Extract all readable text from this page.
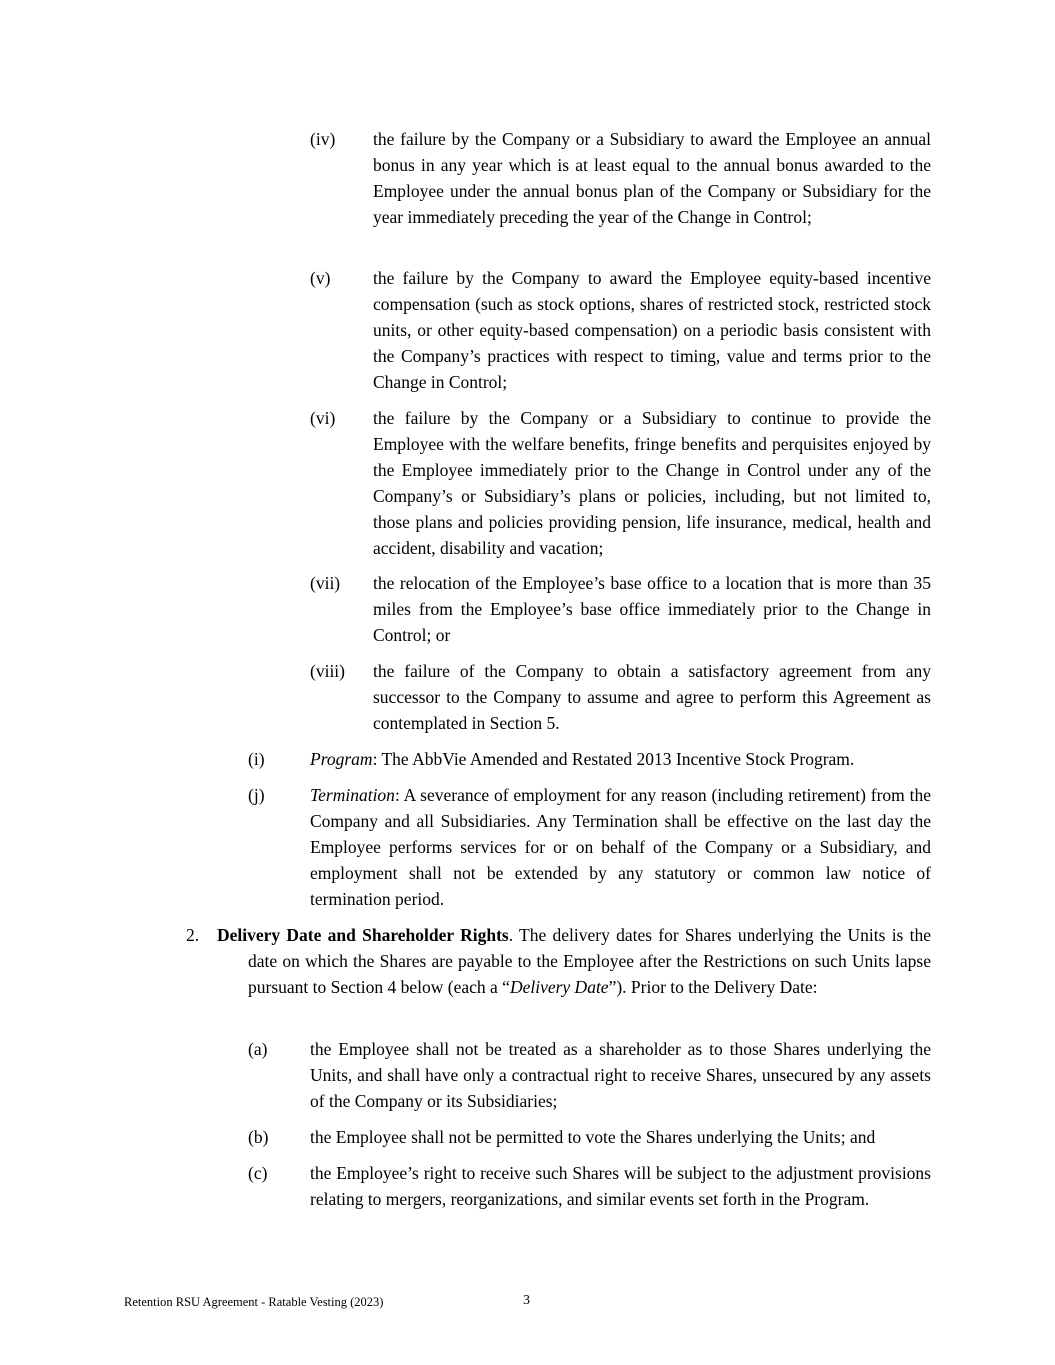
(iv) the failure by the Company or a Subsidiary to award the Employee an annual bonus in any year which is at least equal to the annual bonus awarded to the Employee under the annual bonus plan of the Company or Subsidiary for the year immediately preceding the year of the Change in Control;
(v) the failure by the Company to award the Employee equity-based incentive compensation (such as stock options, shares of restricted stock, restricted stock units, or other equity-based compensation) on a periodic basis consistent with the Company’s practices with respect to timing, value and terms prior to the Change in Control;
(vi) the failure by the Company or a Subsidiary to continue to provide the Employee with the welfare benefits, fringe benefits and perquisites enjoyed by the Employee immediately prior to the Change in Control under any of the Company’s or Subsidiary’s plans or policies, including, but not limited to, those plans and policies providing pension, life insurance, medical, health and accident, disability and vacation;
(vii) the relocation of the Employee’s base office to a location that is more than 35 miles from the Employee’s base office immediately prior to the Change in Control; or
(viii) the failure of the Company to obtain a satisfactory agreement from any successor to the Company to assume and agree to perform this Agreement as contemplated in Section 5.
(i)	Program: The AbbVie Amended and Restated 2013 Incentive Stock Program.
(j)	Termination: A severance of employment for any reason (including retirement) from the Company and all Subsidiaries. Any Termination shall be effective on the last day the Employee performs services for or on behalf of the Company or a Subsidiary, and employment shall not be extended by any statutory or common law notice of termination period.
2. Delivery Date and Shareholder Rights. The delivery dates for Shares underlying the Units is the date on which the Shares are payable to the Employee after the Restrictions on such Units lapse pursuant to Section 4 below (each a “Delivery Date”). Prior to the Delivery Date:
(a) the Employee shall not be treated as a shareholder as to those Shares underlying the Units, and shall have only a contractual right to receive Shares, unsecured by any assets of the Company or its Subsidiaries;
(b) the Employee shall not be permitted to vote the Shares underlying the Units; and
(c) the Employee’s right to receive such Shares will be subject to the adjustment provisions relating to mergers, reorganizations, and similar events set forth in the Program.
Retention RSU Agreement - Ratable Vesting (2023)	3
